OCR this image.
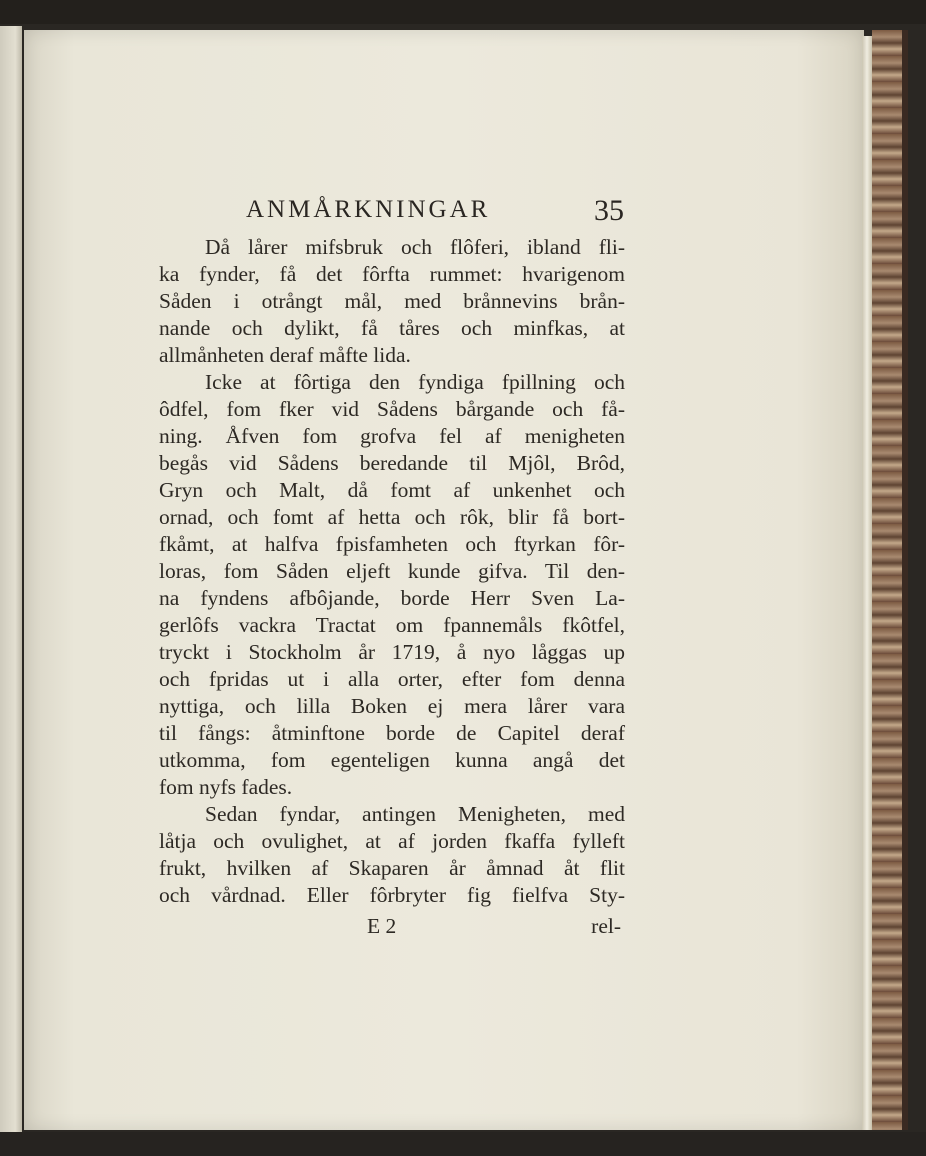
ANMÅRKNINGAR	35
Då lårer mifsbruk och flôferi, ibland fli-
ka fynder, få det fôrfta rummet: hvarigenom
Såden i otrångt mål, med brånnevins brån-
nande och dylikt, få tåres och minfkas, at
allmånheten deraf måfte lida.
Icke at fôrtiga den fyndiga fpillning och
ôdfel, fom fker vid Sådens bårgande och få-
ning. Åfven fom grofva fel af menigheten
begås vid Sådens beredande til Mjôl, Brôd,
Gryn och Malt, då fomt af unkenhet och
ornad, och fomt af hetta och rôk, blir få bort-
fkåmt, at halfva fpisfamheten och ftyrkan fôr-
loras, fom Såden eljeft kunde gifva. Til den-
na fyndens afbôjande, borde Herr Sven La-
gerlôfs vackra Tractat om fpannemåls fkôtfel,
tryckt i Stockholm år 1719, å nyo låggas up
och fpridas ut i alla orter, efter fom denna
nyttiga, och lilla Boken ej mera lårer vara
til fångs: åtminftone borde de Capitel deraf
utkomma, fom egenteligen kunna angå det
fom nyfs fades.
Sedan fyndar, antingen Menigheten, med
låtja och ovulighet, at af jorden fkaffa fylleft
frukt, hvilken af Skaparen år åmnad åt flit
och vårdnad. Eller fôrbryter fig fielfva Sty-
E 2	rel-
